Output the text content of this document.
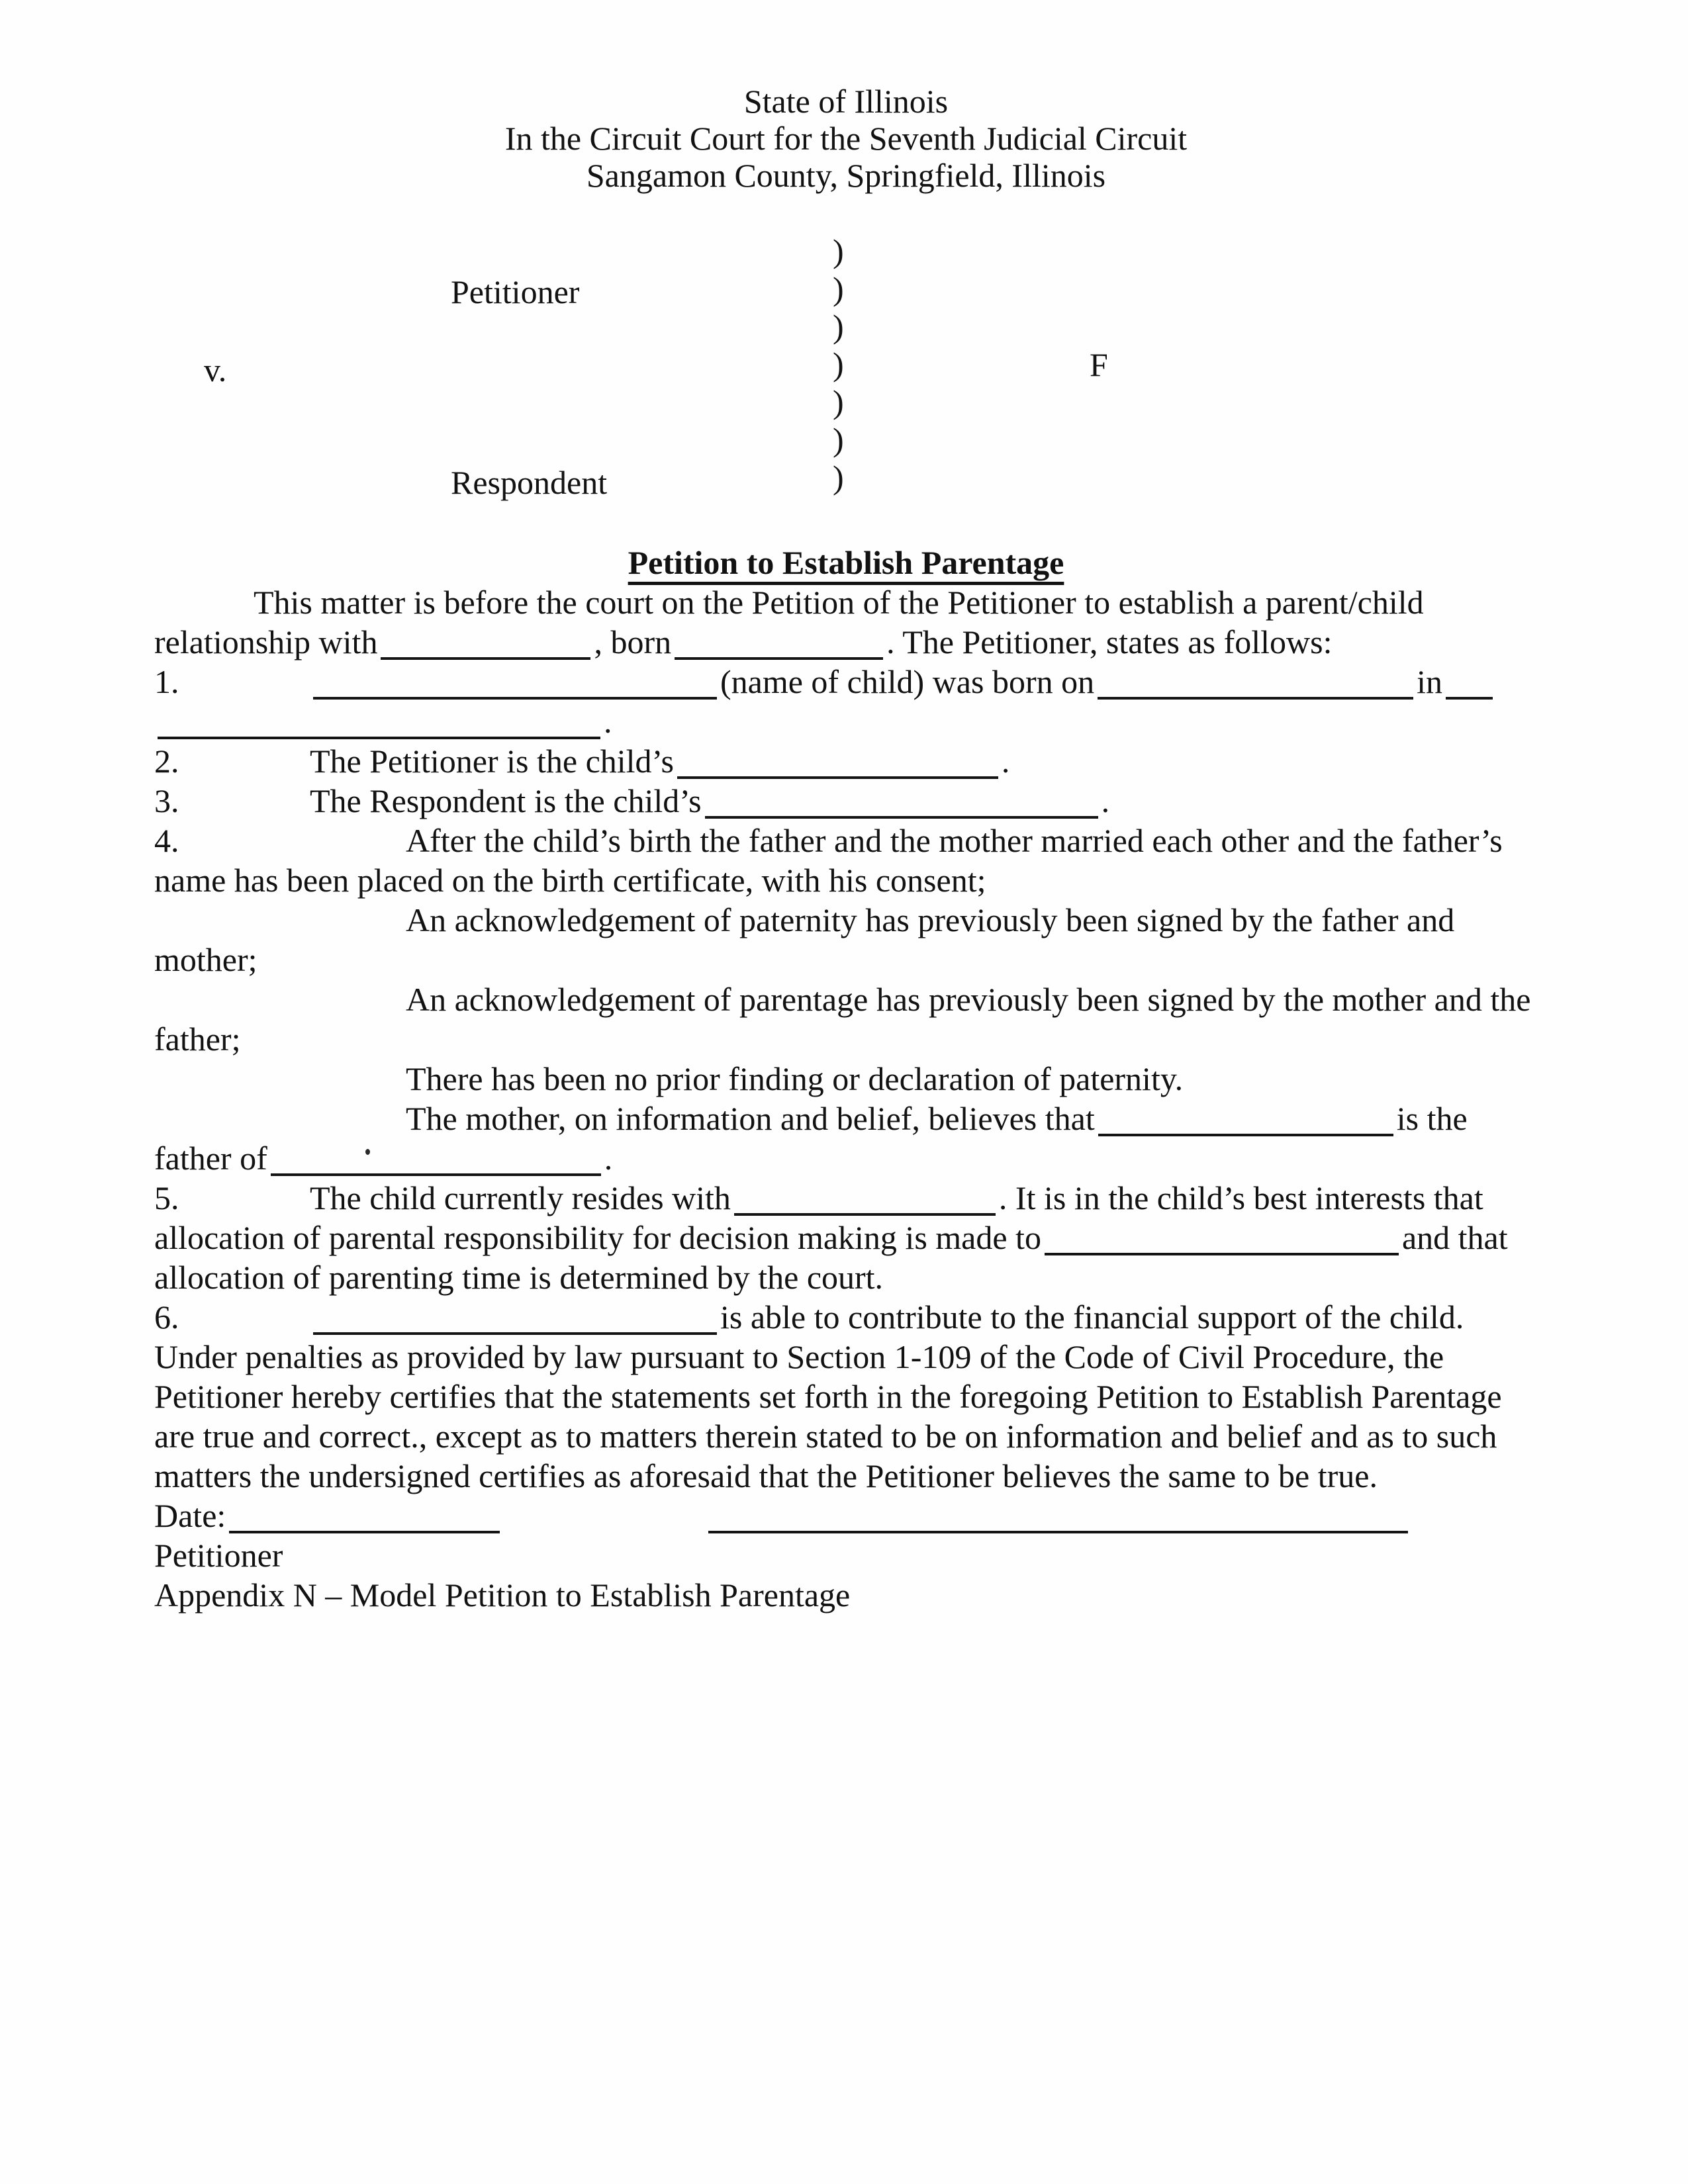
State of Illinois
In the Circuit Court for the Seventh Judicial Circuit
Sangamon County, Springfield, Illinois

Petitioner
v.	F
Respondent
)
)
)
)
)
)
)

Petition to Establish Parentage

This matter is before the court on the Petition of the Petitioner to establish a parent/child
relationship with	, born	. The Petitioner, states as follows:

1.	(name of child) was born on	in
.

2.	The Petitioner is the child’s	.

3.	The Respondent is the child’s	.

4.	After the child’s birth the father and the mother married each other and the father’s
name has been placed on the birth certificate, with his consent;

An acknowledgement of paternity has previously been signed by the father and
mother;

An acknowledgement of parentage has previously been signed by the mother and the
father;

There has been no prior finding or declaration of paternity.

The mother, on information and belief, believes that	is the
father of	.

5.	The child currently resides with	. It is in the child’s best interests that
allocation of parental responsibility for decision making is made to	and that
allocation of parenting time is determined by the court.

6.	is able to contribute to the financial support of the child.

Under penalties as provided by law pursuant to Section 1-109 of the Code of Civil Procedure, the
Petitioner hereby certifies that the statements set forth in the foregoing Petition to Establish Parentage
are true and correct., except as to matters therein stated to be on information and belief and as to such
matters the undersigned certifies as aforesaid that the Petitioner believes the same to be true.

Date:

Petitioner

Appendix N – Model Petition to Establish Parentage
